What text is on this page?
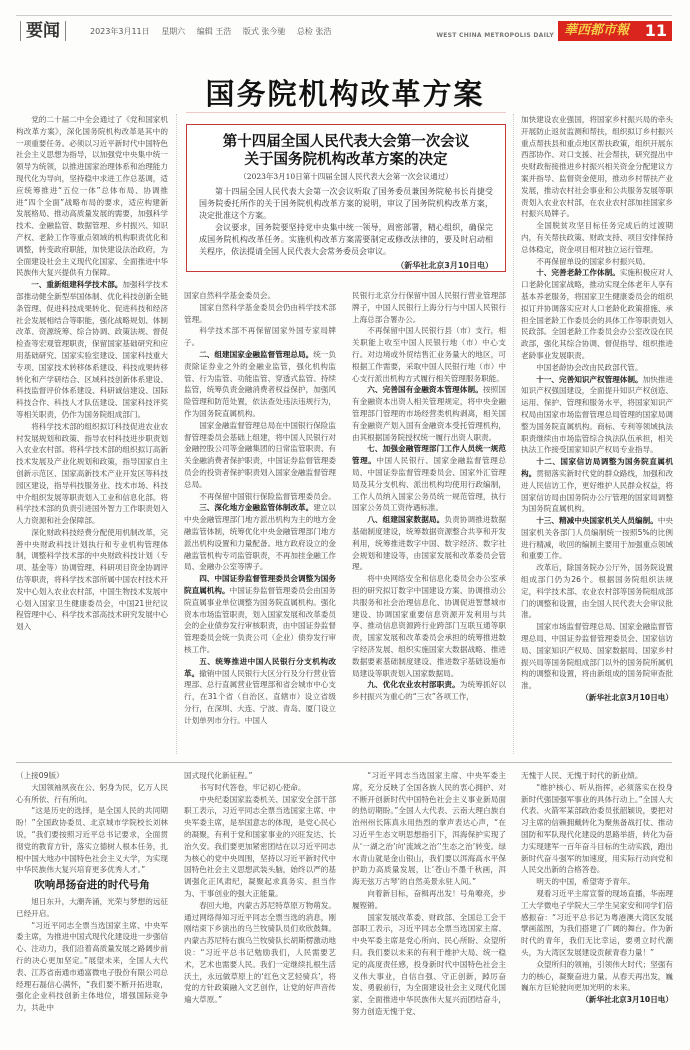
要闻	2023年3月11日 星期六 编辑 王浩 版式 张今驰 总检 张浩	WEST CHINA METROPOLIS DAILY 華西都市報 11
国务院机构改革方案
第十四届全国人民代表大会第一次会议
关于国务院机构改革方案的决定
（2023年3月10日第十四届全国人民代表大会第一次会议通过）

第十四届全国人民代表大会第一次会议听取了国务委员兼国务院秘书长肖捷受国务院委托所作的关于国务院机构改革方案的说明，审议了国务院机构改革方案，决定批准这个方案。

会议要求，国务院要坚持党中央集中统一领导，周密部署，精心组织，确保完成国务院机构改革任务。实施机构改革方案需要制定或修改法律的，要及时启动相关程序，依法提请全国人民代表大会常务委员会审议。

（新华社北京3月10日电）

党的二十届二中全会通过了《党和国家机构改革方案》，深化国务院机构改革是其中的一项重要任务。必须以习近平新时代中国特色社会主义思想为指导，以加强党中央集中统一领导为统领，以推进国家治理体系和治理能力现代化为导向，坚持稳中求进工作总基调，适应统筹推进“五位一体”总体布局、协调推进“四个全面”战略布局的要求，适应构建新发展格局、推动高质量发展的需要，加强科学技术、金融监管、数据管理、乡村振兴、知识产权、老龄工作等重点领域的机构职责优化和调整，转变政府职能，加快建设法治政府，为全面建设社会主义现代化国家、全面推进中华民族伟大复兴提供有力保障。

一、重新组建科学技术部。加强科学技术部推动健全新型举国体制、优化科技创新全链条管理、促进科技成果转化、促进科技和经济社会发展相结合等职能，强化战略规划、体制改革、资源统筹、综合协调、政策法规、督促检查等宏观管理职责，保留国家基础研究和应用基础研究、国家实验室建设、国家科技重大专项、国家技术转移体系建设、科技成果转移转化和产学研结合、区域科技创新体系建设、科技监督评价体系建设、科研诚信建设、国际科技合作、科技人才队伍建设、国家科技评奖等相关职责，仍作为国务院组成部门。

将科学技术部的组织拟订科技促进农业农村发展规划和政策、指导农村科技进步职责划入农业农村部。将科学技术部的组织拟订高新技术发展及产业化规划和政策，指导国家自主创新示范区、国家高新技术产业开发区等科技园区建设，指导科技服务业、技术市场、科技中介组织发展等职责划入工业和信息化部。将科学技术部的负责引进国外智力工作职责划入人力资源和社会保障部。

深化财政科技经费分配使用机制改革，完善中央财政科技计划执行和专业机构管理体制，调整科学技术部的中央财政科技计划（专项、基金等）协调管理、科研项目资金协调评估等职责，将科学技术部所属中国农村技术开发中心划入农业农村部，中国生物技术发展中心划入国家卫生健康委员会，中国21世纪议程管理中心、科学技术部高技术研究发展中心划入

国家自然科学基金委员会。

国家自然科学基金委员会仍由科学技术部管理。

科学技术部不再保留国家外国专家局牌子。

二、组建国家金融监督管理总局。统一负责除证券业之外的金融业监管，强化机构监管、行为监管、功能监管、穿透式监管、持续监管，统筹负责金融消费者权益保护，加强风险管理和防范处置，依法查处违法违规行为，作为国务院直属机构。

国家金融监督管理总局在中国银行保险监督管理委员会基础上组建，将中国人民银行对金融控股公司等金融集团的日常监管职责、有关金融消费者保护职责，中国证券监督管理委员会的投资者保护职责划入国家金融监督管理总局。

不再保留中国银行保险监督管理委员会。

三、深化地方金融监管体制改革。建立以中央金融管理部门地方派出机构为主的地方金融监管体制，统筹优化中央金融管理部门地方派出机构设置和力量配备。地方政府设立的金融监管机构专司监管职责，不再加挂金融工作局、金融办公室等牌子。

四、中国证券监督管理委员会调整为国务院直属机构。中国证券监督管理委员会由国务院直属事业单位调整为国务院直属机构。强化资本市场监管职责，划入国家发展和改革委员会的企业债券发行审核职责，由中国证券监督管理委员会统一负责公司（企业）债券发行审核工作。

五、统筹推进中国人民银行分支机构改革。撤销中国人民银行大区分行及分行营业管理部、总行直属营业管理部和省会城市中心支行，在31个省（自治区、直辖市）设立省级分行，在深圳、大连、宁波、青岛、厦门设立计划单列市分行。中国人

民银行北京分行保留中国人民银行营业管理部牌子，中国人民银行上海分行与中国人民银行上海总部合署办公。

不再保留中国人民银行县（市）支行，相关职能上收至中国人民银行地（市）中心支行。对边境或外贸结售汇业务量大的地区，可根据工作需要，采取中国人民银行地（市）中心支行派出机构方式履行相关管理服务职能。

六、完善国有金融资本管理体制。按照国有金融资本出资人相关管理规定，将中央金融管理部门管理的市场经营类机构剥离，相关国有金融资产划入国有金融资本受托管理机构，由其根据国务院授权统一履行出资人职责。

七、加强金融管理部门工作人员统一规范管理。中国人民银行、国家金融监督管理总局、中国证券监督管理委员会、国家外汇管理局及其分支机构、派出机构均使用行政编制，工作人员纳入国家公务员统一规范管理，执行国家公务员工资待遇标准。

八、组建国家数据局。负责协调推进数据基础制度建设，统筹数据资源整合共享和开发利用，统筹推进数字中国、数字经济、数字社会规划和建设等，由国家发展和改革委员会管理。

将中央网络安全和信息化委员会办公室承担的研究拟订数字中国建设方案、协调推动公共服务和社会治理信息化、协调促进智慧城市建设、协调国家重要信息资源开发利用与共享、推动信息资源跨行业跨部门互联互通等职责，国家发展和改革委员会承担的统筹推进数字经济发展、组织实施国家大数据战略、推进数据要素基础制度建设、推进数字基础设施布局建设等职责划入国家数据局。

九、优化农业农村部职责。为统筹抓好以乡村振兴为重心的“三农”各项工作，

加快建设农业强国，将国家乡村振兴局的牵头开展防止返贫监测和帮扶，组织拟订乡村振兴重点帮扶县和重点地区帮扶政策，组织开展东西部协作、对口支援、社会帮扶，研究提出中央财政衔接推进乡村振兴相关资金分配建议方案并指导、监督资金使用，推动乡村帮扶产业发展，推动农村社会事业和公共服务发展等职责划入农业农村部，在农业农村部加挂国家乡村振兴局牌子。

全国脱贫攻坚目标任务完成后的过渡期内，有关帮扶政策、财政支持、项目安排保持总体稳定，资金项目相对独立运行管理。

不再保留单设的国家乡村振兴局。

十、完善老龄工作体制。实施积极应对人口老龄化国家战略，推动实现全体老年人享有基本养老服务，将国家卫生健康委员会的组织拟订并协调落实应对人口老龄化政策措施、承担全国老龄工作委员会的具体工作等职责划入民政部。全国老龄工作委员会办公室改设在民政部，强化其综合协调、督促指导、组织推进老龄事业发展职责。

中国老龄协会改由民政部代管。

十一、完善知识产权管理体制。加快推进知识产权强国建设，全面提升知识产权创造、运用、保护、管理和服务水平，将国家知识产权局由国家市场监督管理总局管理的国家局调整为国务院直属机构。商标、专利等领域执法职责继续由市场监管综合执法队伍承担，相关执法工作接受国家知识产权局专业指导。

十二、国家信访局调整为国务院直属机构。贯彻落实新时代党的群众路线，加强和改进人民信访工作，更好维护人民群众权益，将国家信访局由国务院办公厅管理的国家局调整为国务院直属机构。

十三、精减中央国家机关人员编制。中央国家机关各部门人员编制统一按照5%的比例进行精减，收回的编制主要用于加强重点领域和重要工作。

改革后，除国务院办公厅外，国务院设置组成部门仍为26个。根据国务院组织法规定，科学技术部、农业农村部等国务院组成部门的调整和设置，由全国人民代表大会审议批准。

国家市场监督管理总局、国家金融监督管理总局、中国证券监督管理委员会、国家信访局、国家知识产权局、国家数据局、国家乡村振兴局等国务院组成部门以外的国务院所属机构的调整和设置，将由新组成的国务院审查批准。

（新华社北京3月10日电）

（上接09版）

大国领袖夙夜在公、躬身为民，亿万人民心有所依、行有所向。

“这是历史的选择，是全国人民的共同期盼！”全国政协委员、北京城市学院校长刘林说，“我们要按照习近平总书记要求，全面贯彻党的教育方针，落实立德树人根本任务，扎根中国大地办中国特色社会主义大学，为实现中华民族伟大复兴培育更多优秀人才。”

吹响昂扬奋进的时代号角

旭日东升，大潮奔涌，光荣与梦想的远征已经开启。

“习近平同志全票当选国家主席、中央军委主席，为推进中国式现代化建设进一步强信心、注动力，我们沿着高质量发展之路阔步前行的决心更加坚定。”展望未来，全国人大代表、江苏省南通市通富微电子股份有限公司总经理石磊信心满怀，“我们要不断开拓进取，强化企业科技创新主体地位，增强国际竞争力，共赴中

国式现代化新征程。”

书写时代答卷，牢记初心使命。

中央纪委国家监委机关、国家安全部干部职工表示，习近平同志全票当选国家主席、中央军委主席，是举国意志的体现，是党心民心的凝聚，有利于党和国家事业的兴旺发达、长治久安。我们要更加紧密团结在以习近平同志为核心的党中央周围，坚持以习近平新时代中国特色社会主义思想武装头脑，始终以严的基调强化正风肃纪，凝聚起求真务实、担当作为、干事创业的强大正能量。

春回大地，内蒙古苏尼特草原万物萌发。通过网络得知习近平同志全票当选的消息，刚刚结束下乡演出的乌兰牧骑队员们欢欣鼓舞。内蒙古苏尼特右旗乌兰牧骑队长胡斯楞激动地说：“习近平总书记勉励我们，人民需要艺术，艺术也需要人民。我们一定继续扎根生活沃土，永远做草原上的‘红色文艺轻骑兵’，将党的方针政策融入文艺创作，让党的好声音传遍大草原。”

“习近平同志当选国家主席、中央军委主席，充分反映了全国各族人民的衷心拥护、对不断开创新时代中国特色社会主义事业新局面的热切期盼。”全国人大代表、云南大理白族自治州州长陈真永用热烈的掌声表达心声，“在习近平生态文明思想指引下，洱海保护实现了从‘一湖之治’向‘流域之治’‘生态之治’转变。绿水青山就是金山银山，我们要以洱海高水平保护助力高质量发展，让‘苍山不墨千秋画，洱海无弦万古琴’的自然美景永驻人间。”

向着新目标，奋楫再出发！号角嘹亮，步履铿锵。

国家发展改革委、财政部、全国总工会干部职工表示，习近平同志全票当选国家主席、中央军委主席是党心所向、民心所盼、众望所归。我们要以未来的有利于维护大局、统一稳定的高度责任感，投身新时代中国特色社会主义伟大事业，自信自强、守正创新，踔厉奋发、勇毅前行，为全面建设社会主义现代化国家、全面推进中华民族伟大复兴而团结奋斗，努力创造无愧于党、

无愧于人民、无愧于时代的新业绩。

“维护核心、听从指挥，必须落实在投身新时代强国强军事业的具体行动上。”全国人大代表、火箭军某部政治委员张韶颖说，要把对习主席的信赖拥戴转化为聚焦备战打仗、推动国防和军队现代化建设的思路举措，转化为奋力实现建军一百年奋斗目标的生动实践，跑出新时代奋斗强军的加速度，用实际行动向党和人民交出新的合格答卷。

明天的中国，希望寄予青年。

观看习近平主席宣誓的现场直播，华南理工大学微电子学院大三学生吴家安和同学们倍感振奋：“习近平总书记为粤港澳大湾区发展擘画蓝图，为我们搭建了广阔的舞台。作为新时代的青年，我们无比幸运，要勇立时代潮头，为大湾区发展建设贡献青春力量！”

众望所归的领袖，引领伟大时代；坚强有力的核心，凝聚奋进力量。从春天再出发，巍巍东方巨轮驶向更加光明的未来。

（新华社北京3月10日电）
